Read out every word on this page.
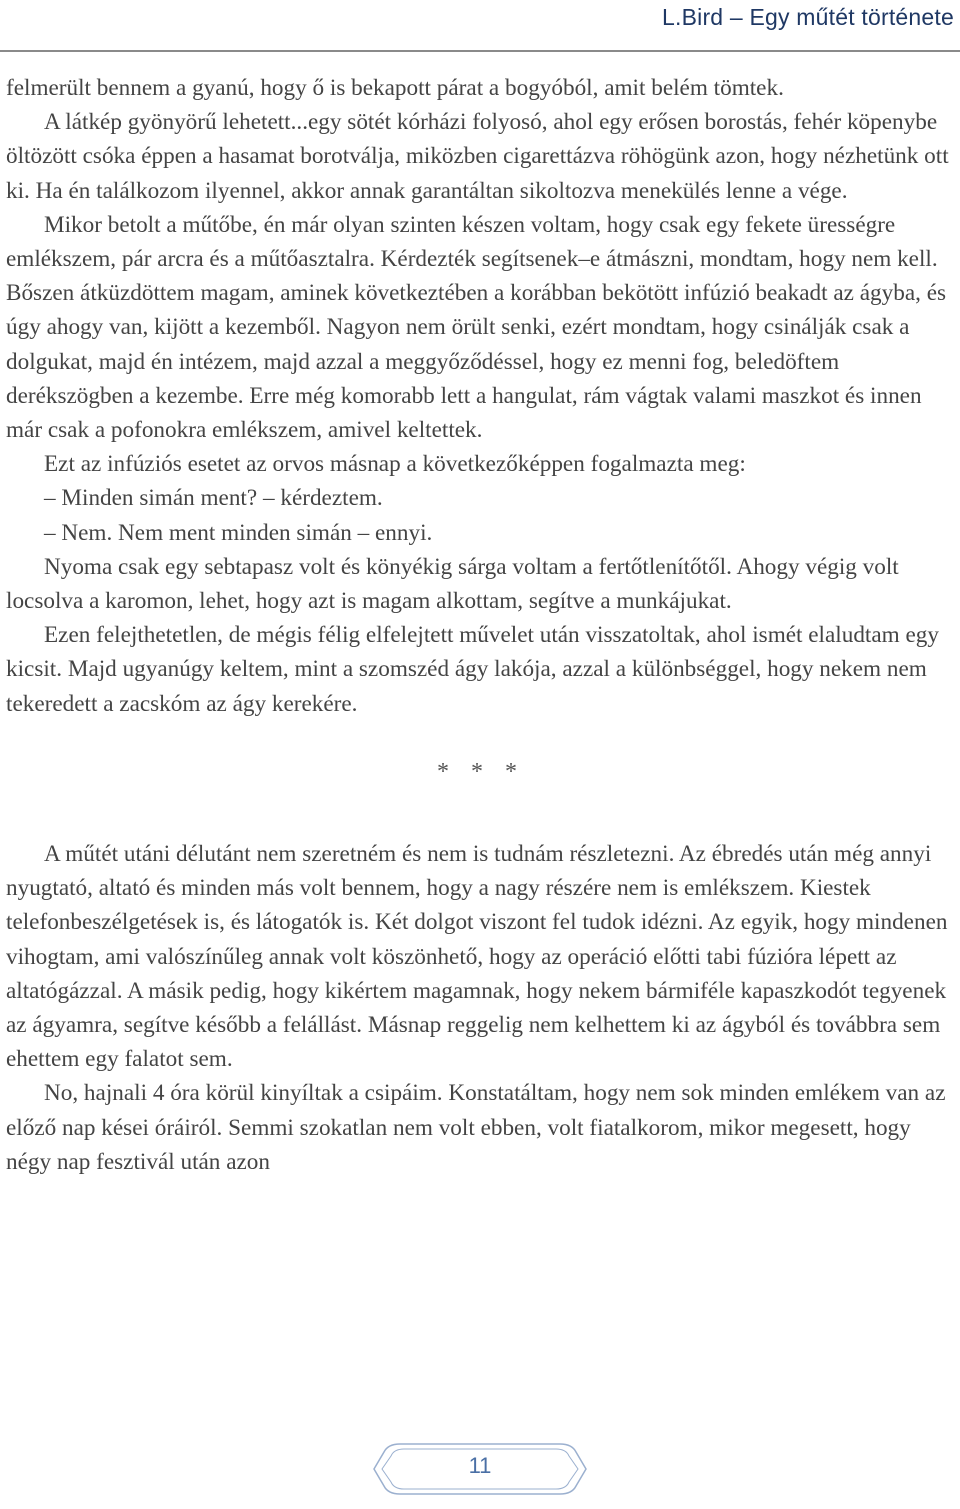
L.Bird – Egy műtét története

felmerült bennem a gyanú, hogy ő is bekapott párat a bogyóból, amit belém tömtek.

A látkép gyönyörű lehetett...egy sötét kórházi folyosó, ahol egy erősen borostás, fehér köpenybe öltözött csóka éppen a hasamat borotválja, miközben cigarettázva röhögünk azon, hogy nézhetünk ott ki. Ha én találkozom ilyennel, akkor annak garantáltan sikoltozva menekülés lenne a vége.

Mikor betolt a műtőbe, én már olyan szinten készen voltam, hogy csak egy fekete ürességre emlékszem, pár arcra és a műtőasztalra. Kérdezték segítsenek–e átmászni, mondtam, hogy nem kell. Bőszen átküzdöttem magam, aminek következtében a korábban bekötött infúzió beakadt az ágyba, és úgy ahogy van, kijött a kezemből. Nagyon nem örült senki, ezért mondtam, hogy csinálják csak a dolgukat, majd én intézem, majd azzal a meggyőződéssel, hogy ez menni fog, beledöftem derékszögben a kezembe. Erre még komorabb lett a hangulat, rám vágtak valami maszkot és innen már csak a pofonokra emlékszem, amivel keltettek.

Ezt az infúziós esetet az orvos másnap a következőképpen fogalmazta meg:

– Minden simán ment? – kérdeztem.

– Nem. Nem ment minden simán – ennyi.

Nyoma csak egy sebtapasz volt és könyékig sárga voltam a fertőtlenítőtől. Ahogy végig volt locsolva a karomon, lehet, hogy azt is magam alkottam, segítve a munkájukat.

Ezen felejthetetlen, de mégis félig elfelejtett művelet után visszatoltak, ahol ismét elaludtam egy kicsit. Majd ugyanúgy keltem, mint a szomszéd ágy lakója, azzal a különbséggel, hogy nekem nem tekeredett a zacskóm az ágy kerekére.

* * *

A műtét utáni délutánt nem szeretném és nem is tudnám részletezni. Az ébredés után még annyi nyugtató, altató és minden más volt bennem, hogy a nagy részére nem is emlékszem. Kiestek telefonbeszélgetések is, és látogatók is. Két dolgot viszont fel tudok idézni. Az egyik, hogy mindenen vihogtam, ami valószínűleg annak volt köszönhető, hogy az operáció előtti tabi fúzióra lépett az altatógázzal. A másik pedig, hogy kikértem magamnak, hogy nekem bármiféle kapaszkodót tegyenek az ágyamra, segítve később a felállást. Másnap reggelig nem kelhettem ki az ágyból és továbbra sem ehettem egy falatot sem.

No, hajnali 4 óra körül kinyíltak a csipáim. Konstatáltam, hogy nem sok minden emlékem van az előző nap kései óráiról. Semmi szokatlan nem volt ebben, volt fiatalkorom, mikor megesett, hogy négy nap fesztivál után azon

11
